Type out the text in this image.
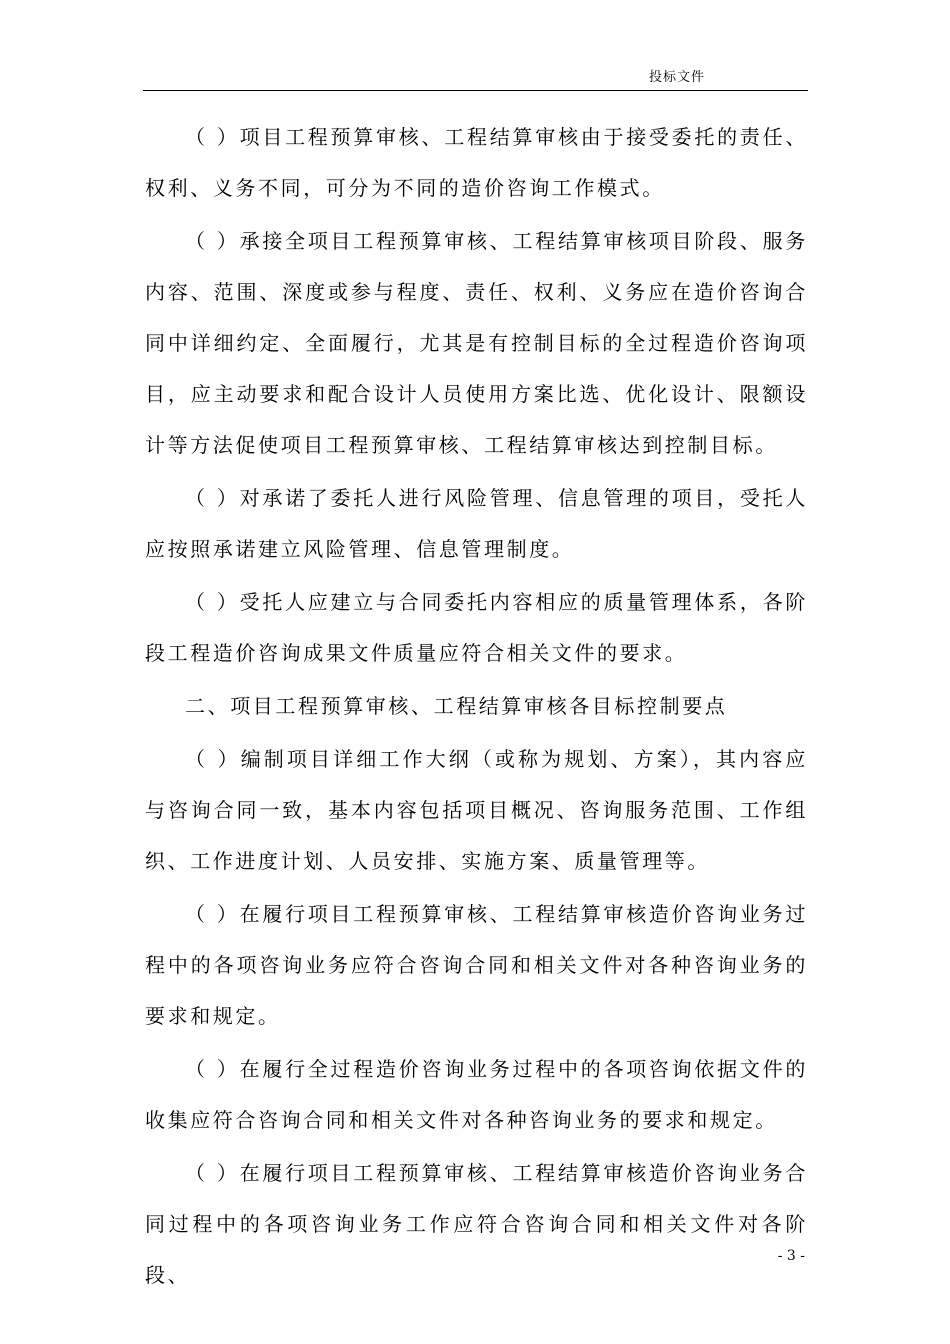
投标文件

（ ）项目工程预算审核、工程结算审核由于接受委托的责任、权利、义务不同，可分为不同的造价咨询工作模式。

（ ）承接全项目工程预算审核、工程结算审核项目阶段、服务内容、范围、深度或参与程度、责任、权利、义务应在造价咨询合同中详细约定、全面履行，尤其是有控制目标的全过程造价咨询项目，应主动要求和配合设计人员使用方案比选、优化设计、限额设计等方法促使项目工程预算审核、工程结算审核达到控制目标。

（ ）对承诺了委托人进行风险管理、信息管理的项目，受托人应按照承诺建立风险管理、信息管理制度。

（ ）受托人应建立与合同委托内容相应的质量管理体系，各阶段工程造价咨询成果文件质量应符合相关文件的要求。

二、项目工程预算审核、工程结算审核各目标控制要点

（ ）编制项目详细工作大纲（或称为规划、方案），其内容应与咨询合同一致，基本内容包括项目概况、咨询服务范围、工作组织、工作进度计划、人员安排、实施方案、质量管理等。

（ ）在履行项目工程预算审核、工程结算审核造价咨询业务过程中的各项咨询业务应符合咨询合同和相关文件对各种咨询业务的要求和规定。

（ ）在履行全过程造价咨询业务过程中的各项咨询依据文件的收集应符合咨询合同和相关文件对各种咨询业务的要求和规定。

（ ）在履行项目工程预算审核、工程结算审核造价咨询业务合同过程中的各项咨询业务工作应符合咨询合同和相关文件对各阶段、

- 3 -
